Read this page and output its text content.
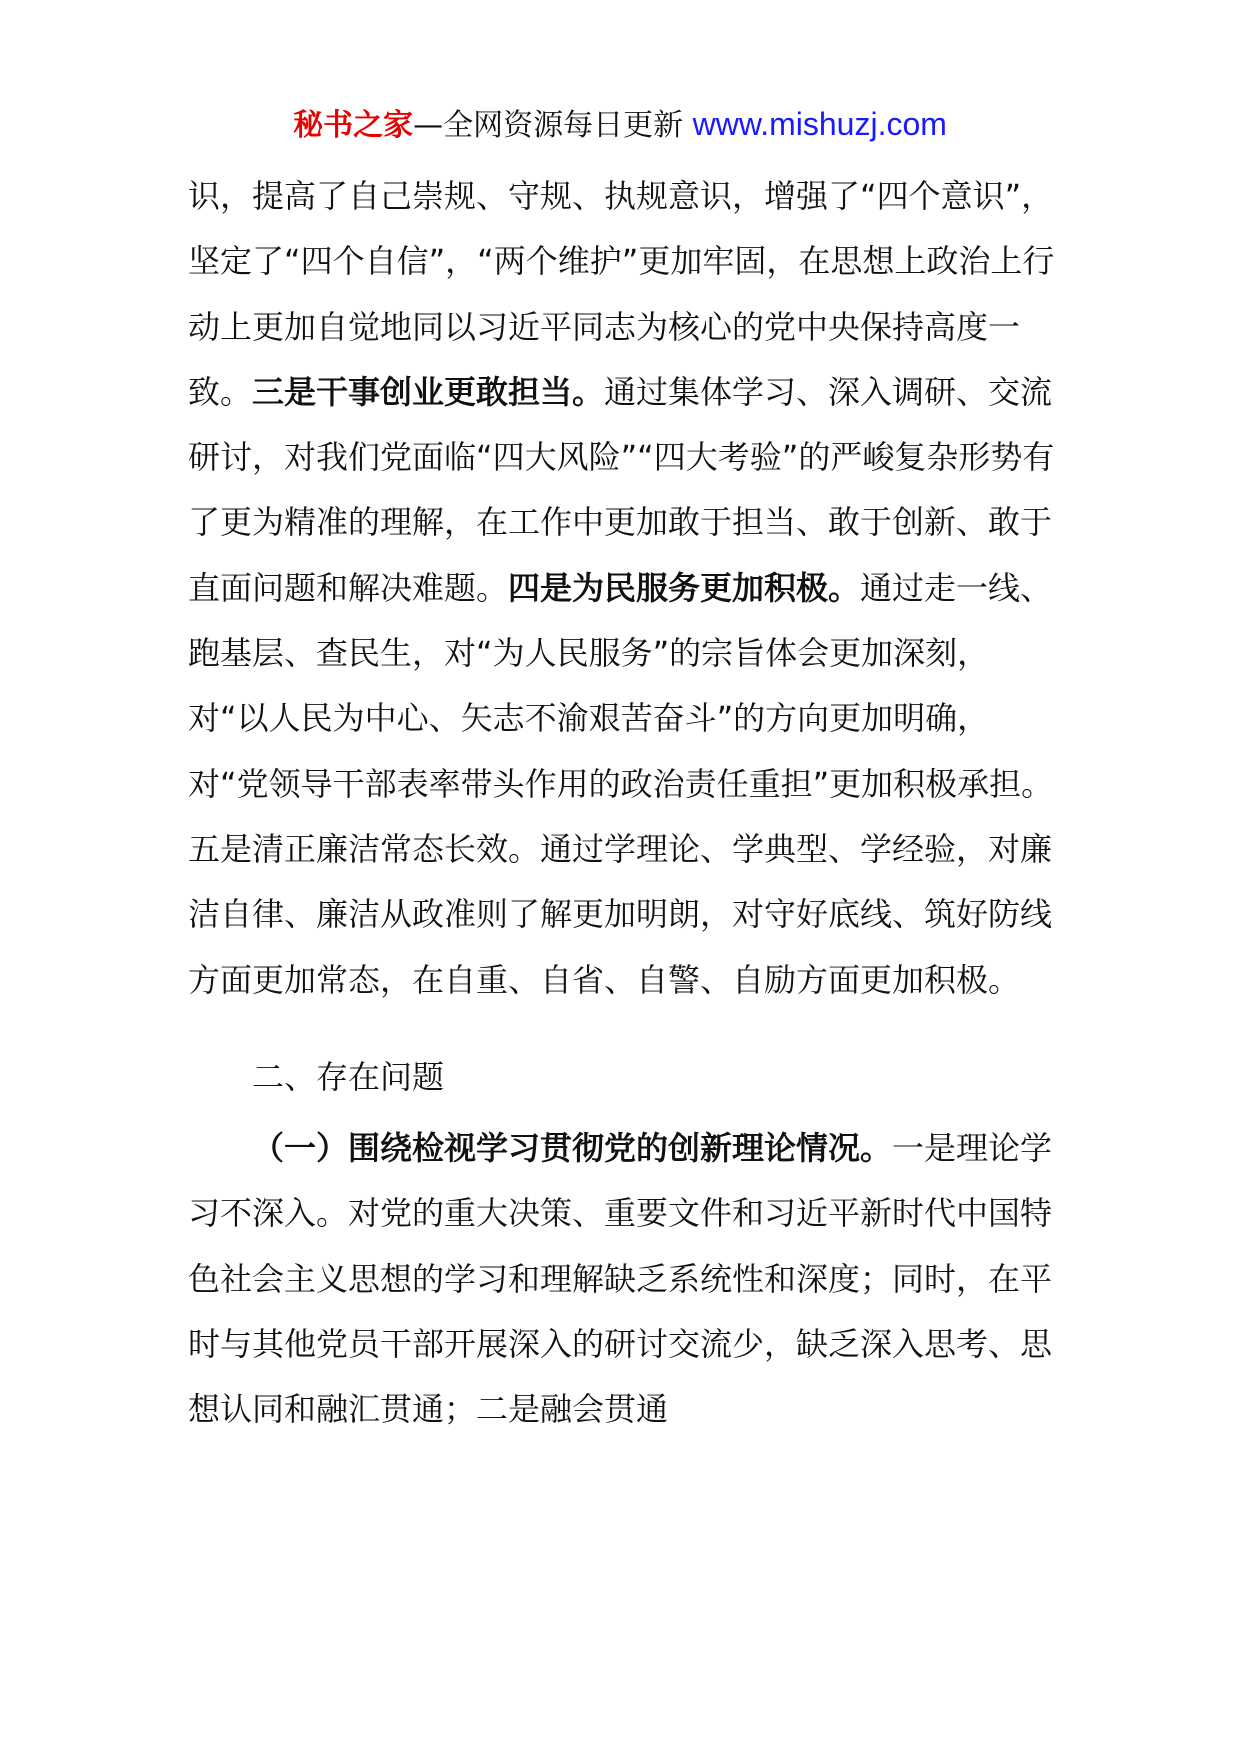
秘书之家—全网资源每日更新 www.mishuzj.com

识，提高了自己崇规、守规、执规意识，增强了“四个意识”，坚定了“四个自信”，“两个维护”更加牢固，在思想上政治上行动上更加自觉地同以习近平同志为核心的党中央保持高度一致。三是干事创业更敢担当。通过集体学习、深入调研、交流研讨，对我们党面临“四大风险”“四大考验”的严峻复杂形势有了更为精准的理解，在工作中更加敢于担当、敢于创新、敢于直面问题和解决难题。四是为民服务更加积极。通过走一线、跑基层、查民生，对“为人民服务”的宗旨体会更加深刻，对“以人民为中心、矢志不渝艰苦奋斗”的方向更加明确，对“党领导干部表率带头作用的政治责任重担”更加积极承担。五是清正廉洁常态长效。通过学理论、学典型、学经验，对廉洁自律、廉洁从政准则了解更加明朗，对守好底线、筑好防线方面更加常态，在自重、自省、自警、自励方面更加积极。

二、存在问题

（一）围绕检视学习贯彻党的创新理论情况。一是理论学习不深入。对党的重大决策、重要文件和习近平新时代中国特色社会主义思想的学习和理解缺乏系统性和深度；同时，在平时与其他党员干部开展深入的研讨交流少，缺乏深入思考、思想认同和融汇贯通；二是融会贯通
